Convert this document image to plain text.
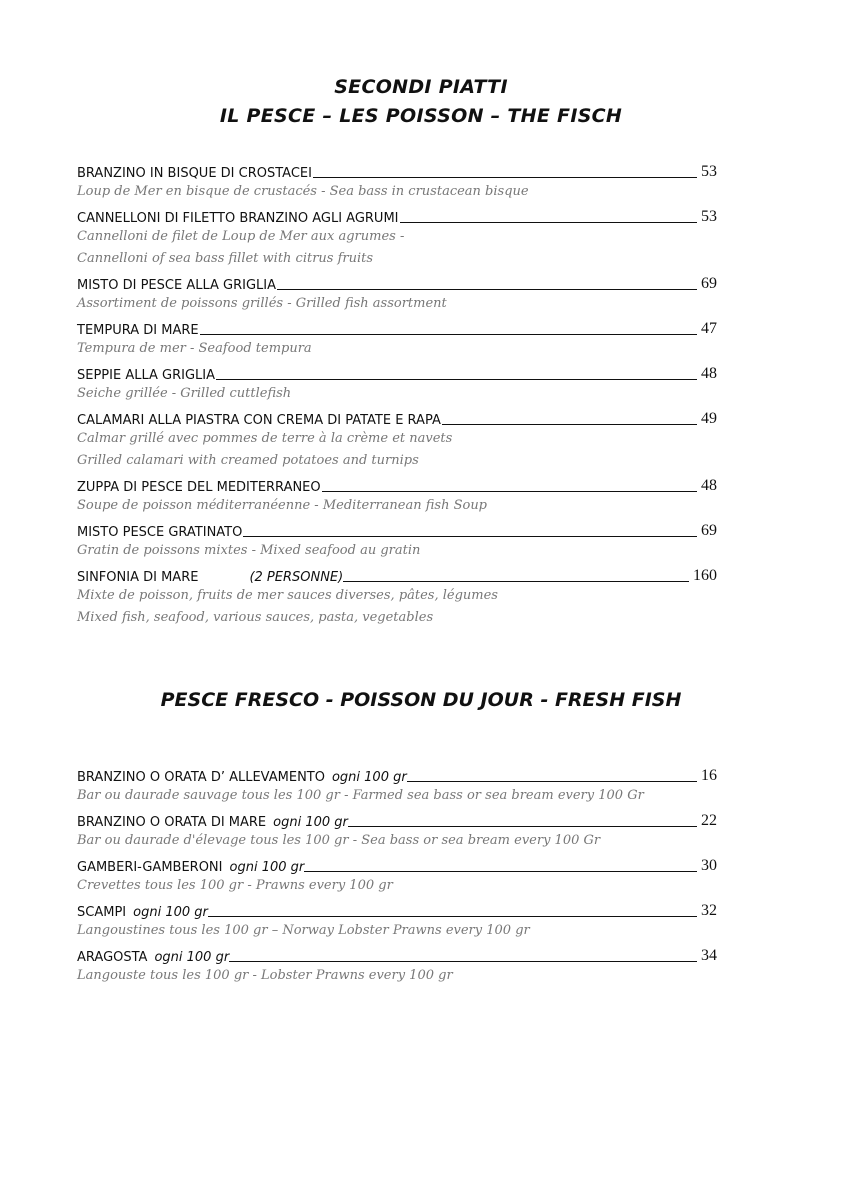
SECONDI PIATTI
IL PESCE – LES POISSON – THE FISCH
BRANZINO IN BISQUE DI CROSTACEI	53
Loup de Mer en bisque de crustacés - Sea bass in crustacean bisque
CANNELLONI DI FILETTO BRANZINO AGLI AGRUMI	53
Cannelloni de filet de Loup de Mer aux agrumes -
Cannelloni of sea bass fillet with citrus fruits
MISTO DI PESCE ALLA GRIGLIA	69
Assortiment de poissons grillés - Grilled fish assortment
TEMPURA DI MARE	47
Tempura de mer - Seafood tempura
SEPPIE ALLA GRIGLIA	48
Seiche grillée - Grilled cuttlefish
CALAMARI ALLA PIASTRA CON CREMA DI PATATE E RAPA	49
Calmar grillé avec pommes de terre à la crème et navets
Grilled calamari with creamed potatoes and turnips
ZUPPA DI PESCE DEL MEDITERRANEO	48
Soupe de poisson méditerranéenne - Mediterranean fish Soup
MISTO PESCE GRATINATO	69
Gratin de poissons mixtes - Mixed seafood au gratin
SINFONIA DI MARE	(2 PERSONNE)	160
Mixte de poisson, fruits de mer sauces diverses, pâtes, légumes
Mixed fish, seafood, various sauces, pasta, vegetables
PESCE FRESCO - POISSON DU JOUR - FRESH FISH
BRANZINO O ORATA D’ ALLEVAMENTO ogni 100 gr	16
Bar ou daurade sauvage tous les 100 gr - Farmed sea bass or sea bream every 100 Gr
BRANZINO O ORATA DI MARE ogni 100 gr	22
Bar ou daurade d'élevage tous les 100 gr - Sea bass or sea bream every 100 Gr
GAMBERI-GAMBERONI ogni 100 gr	30
Crevettes tous les 100 gr - Prawns every 100 gr
SCAMPI ogni 100 gr	32
Langoustines tous les 100 gr – Norway Lobster Prawns every 100 gr
ARAGOSTA ogni 100 gr	34
Langouste tous les 100 gr - Lobster Prawns every 100 gr
